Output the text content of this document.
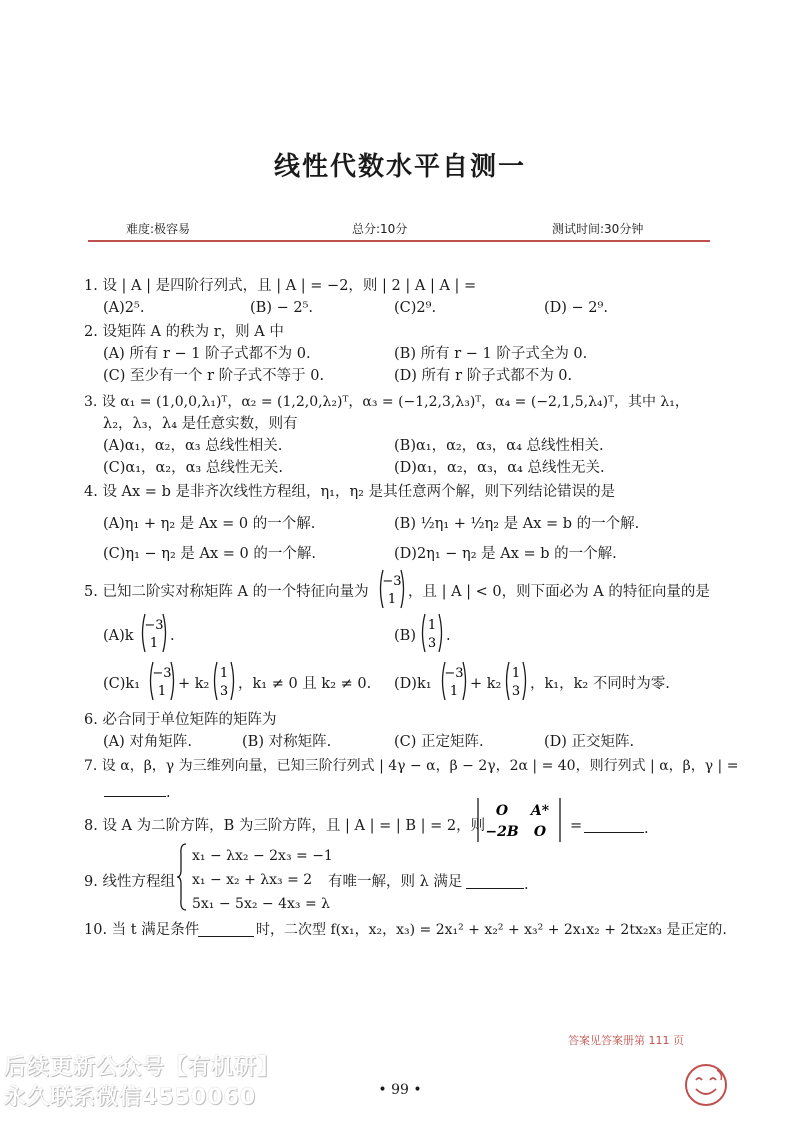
线性代数水平自测一
难度:极容易	总分:10分	测试时间:30分钟
1. 设 | A | 是四阶行列式，且 | A | = −2，则 | 2 | A | A | =
(A)2⁵.	(B) − 2⁵.	(C)2⁹.	(D) − 2⁹.
2. 设矩阵 A 的秩为 r，则 A 中
(A) 所有 r − 1 阶子式都不为 0.	(B) 所有 r − 1 阶子式全为 0.
(C) 至少有一个 r 阶子式不等于 0.	(D) 所有 r 阶子式都不为 0.
3. 设 α₁ = (1,0,0,λ₁)ᵀ，α₂ = (1,2,0,λ₂)ᵀ，α₃ = (−1,2,3,λ₃)ᵀ，α₄ = (−2,1,5,λ₄)ᵀ，其中 λ₁，
λ₂，λ₃，λ₄ 是任意实数，则有
(A)α₁，α₂，α₃ 总线性相关.	(B)α₁，α₂，α₃，α₄ 总线性相关.
(C)α₁，α₂，α₃ 总线性无关.	(D)α₁，α₂，α₃，α₄ 总线性无关.
4. 设 Ax = b 是非齐次线性方程组，η₁，η₂ 是其任意两个解，则下列结论错误的是
(A)η₁ + η₂ 是 Ax = 0 的一个解.	(B) ½η₁ + ½η₂ 是 Ax = b 的一个解.
(C)η₁ − η₂ 是 Ax = 0 的一个解.	(D)2η₁ − η₂ 是 Ax = b 的一个解.
5. 已知二阶实对称矩阵 A 的一个特征向量为
−3
1 ，且 | A | < 0，则下面必为 A 的特征向量的是
(A)k
−3
1 .	(B)
1
3 .
(C)k₁
−3
1 + k₂
1
3 ，k₁ ≠ 0 且 k₂ ≠ 0. (D)k₁
−3
1 + k₂
1
3 ，k₁，k₂ 不同时为零.
6. 必合同于单位矩阵的矩阵为
(A) 对角矩阵.	(B) 对称矩阵.	(C) 正定矩阵.	(D) 正交矩阵.
7. 设 α，β，γ 为三维列向量，已知三阶行列式 | 4γ − α，β − 2γ，2α | = 40，则行列式 | α，β，γ | =
.
8. 设 A 为二阶方阵，B 为三阶方阵，且 | A | = | B | = 2，则
O A*
−2B O =	.
9. 线性方程组
x₁ − λx₂ − 2x₃ = −1
x₁ − x₂ + λx₃ = 2
5x₁ − 5x₂ − 4x₃ = λ
有唯一解，则 λ 满足	.
10. 当 t 满足条件	时，二次型 f(x₁，x₂，x₃) = 2x₁² + x₂² + x₃² + 2x₁x₂ + 2tx₂x₃ 是正定的.
答案见答案册第 111 页
• 99 •
后续更新公众号【有机研】
永久联系微信4550060
